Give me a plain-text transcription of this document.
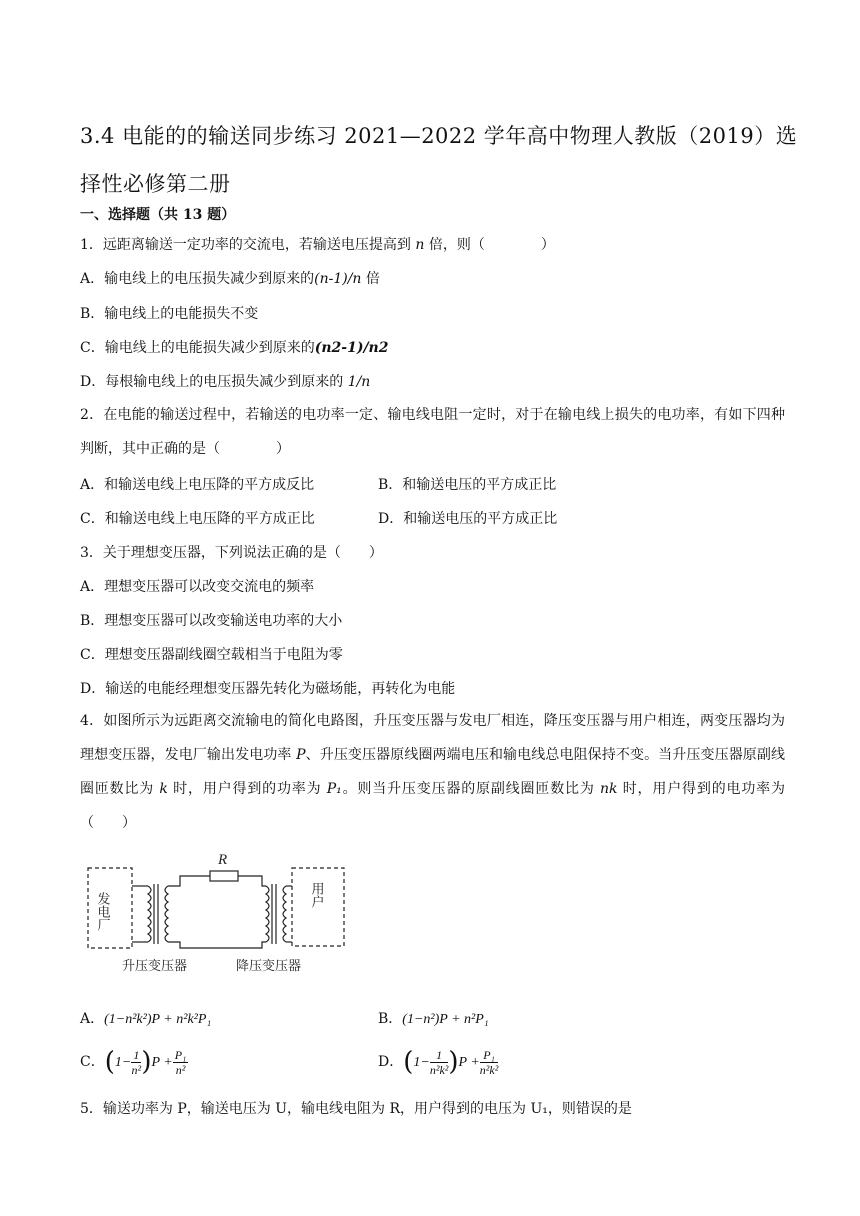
3.4 电能的的输送同步练习 2021—2022 学年高中物理人教版（2019）选择性必修第二册
一、选择题（共 13 题）
1．远距离输送一定功率的交流电，若输送电压提高到 n 倍，则（　　　　）
A．输电线上的电压损失减少到原来的(n-1)/n 倍
B．输电线上的电能损失不变
C．输电线上的电能损失减少到原来的(n2-1)/n2
D．每根输电线上的电压损失减少到原来的 1/n
2．在电能的输送过程中，若输送的电功率一定、输电线电阻一定时，对于在输电线上损失的电功率，有如下四种判断，其中正确的是（　　　　）
A．和输送电线上电压降的平方成反比	B．和输送电压的平方成正比
C．和输送电线上电压降的平方成正比	D．和输送电压的平方成正比
3．关于理想变压器，下列说法正确的是（　　）
A．理想变压器可以改变交流电的频率
B．理想变压器可以改变输送电功率的大小
C．理想变压器副线圈空载相当于电阻为零
D．输送的电能经理想变压器先转化为磁场能，再转化为电能
4．如图所示为远距离交流输电的简化电路图，升压变压器与发电厂相连，降压变压器与用户相连，两变压器均为理想变压器，发电厂输出发电功率 P、升压变压器原线圈两端电压和输电线总电阻保持不变。当升压变压器原副线圈匝数比为 k 时，用户得到的功率为 P₁。则当升压变压器的原副线圈匝数比为 nk 时，用户得到的电功率为（　　）
R
发电厂	用户
升压变压器	降压变压器
A．(1−n²k²)P + n²k²P₁	B．(1−n²)P + n²P₁
C．$(1- \frac{1}{\text{n²}} )P + \frac{\text{P₁}}{\text{n²}}$	D．$(1- \frac{1}{\text{n²k²}} )P + \frac{\text{P₁}}{\text{n²k²}}$
5．输送功率为 P，输送电压为 U，输电线电阻为 R，用户得到的电压为 U₁，则错误的是
